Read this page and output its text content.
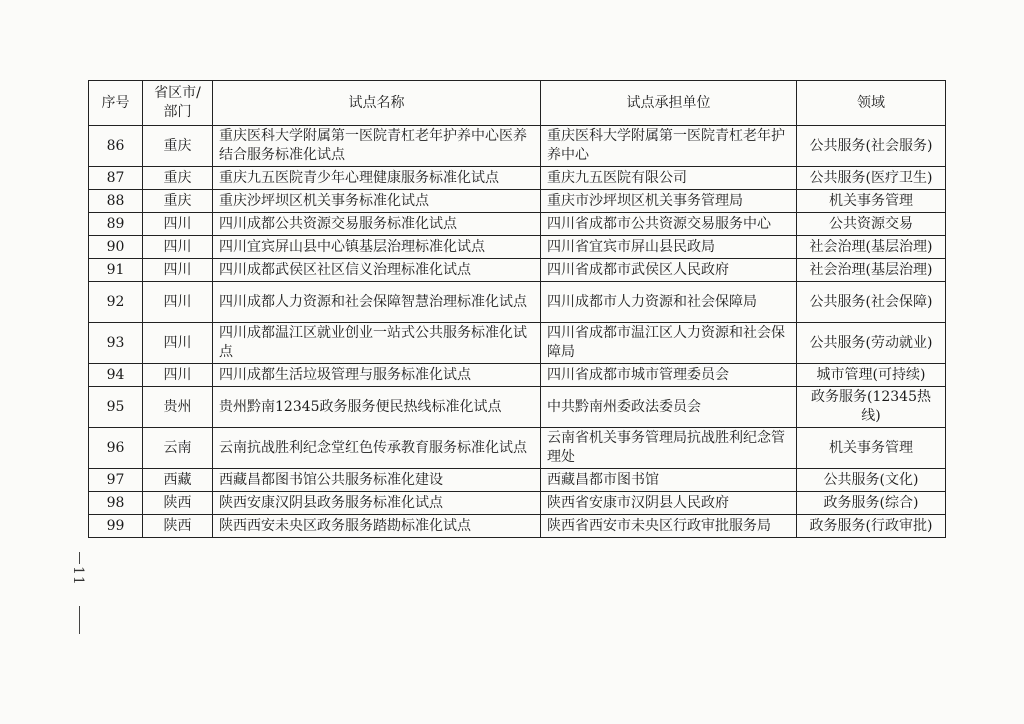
序号	省区市/部门	试点名称	试点承担单位	领域
86	重庆	重庆医科大学附属第一医院青杠老年护养中心医养结合服务标准化试点	重庆医科大学附属第一医院青杠老年护养中心	公共服务(社会服务)
87	重庆	重庆九五医院青少年心理健康服务标准化试点	重庆九五医院有限公司	公共服务(医疗卫生)
88	重庆	重庆沙坪坝区机关事务标准化试点	重庆市沙坪坝区机关事务管理局	机关事务管理
89	四川	四川成都公共资源交易服务标准化试点	四川省成都市公共资源交易服务中心	公共资源交易
90	四川	四川宜宾屏山县中心镇基层治理标准化试点	四川省宜宾市屏山县民政局	社会治理(基层治理)
91	四川	四川成都武侯区社区信义治理标准化试点	四川省成都市武侯区人民政府	社会治理(基层治理)
92	四川	四川成都人力资源和社会保障智慧治理标准化试点	四川成都市人力资源和社会保障局	公共服务(社会保障)
93	四川	四川成都温江区就业创业一站式公共服务标准化试点	四川省成都市温江区人力资源和社会保障局	公共服务(劳动就业)
94	四川	四川成都生活垃圾管理与服务标准化试点	四川省成都市城市管理委员会	城市管理(可持续)
95	贵州	贵州黔南12345政务服务便民热线标准化试点	中共黔南州委政法委员会	政务服务(12345热线)
96	云南	云南抗战胜利纪念堂红色传承教育服务标准化试点	云南省机关事务管理局抗战胜利纪念管理处	机关事务管理
97	西藏	西藏昌都图书馆公共服务标准化建设	西藏昌都市图书馆	公共服务(文化)
98	陕西	陕西安康汉阴县政务服务标准化试点	陕西省安康市汉阴县人民政府	政务服务(综合)
99	陕西	陕西西安未央区政务服务踏勘标准化试点	陕西省西安市未央区行政审批服务局	政务服务(行政审批)
11
